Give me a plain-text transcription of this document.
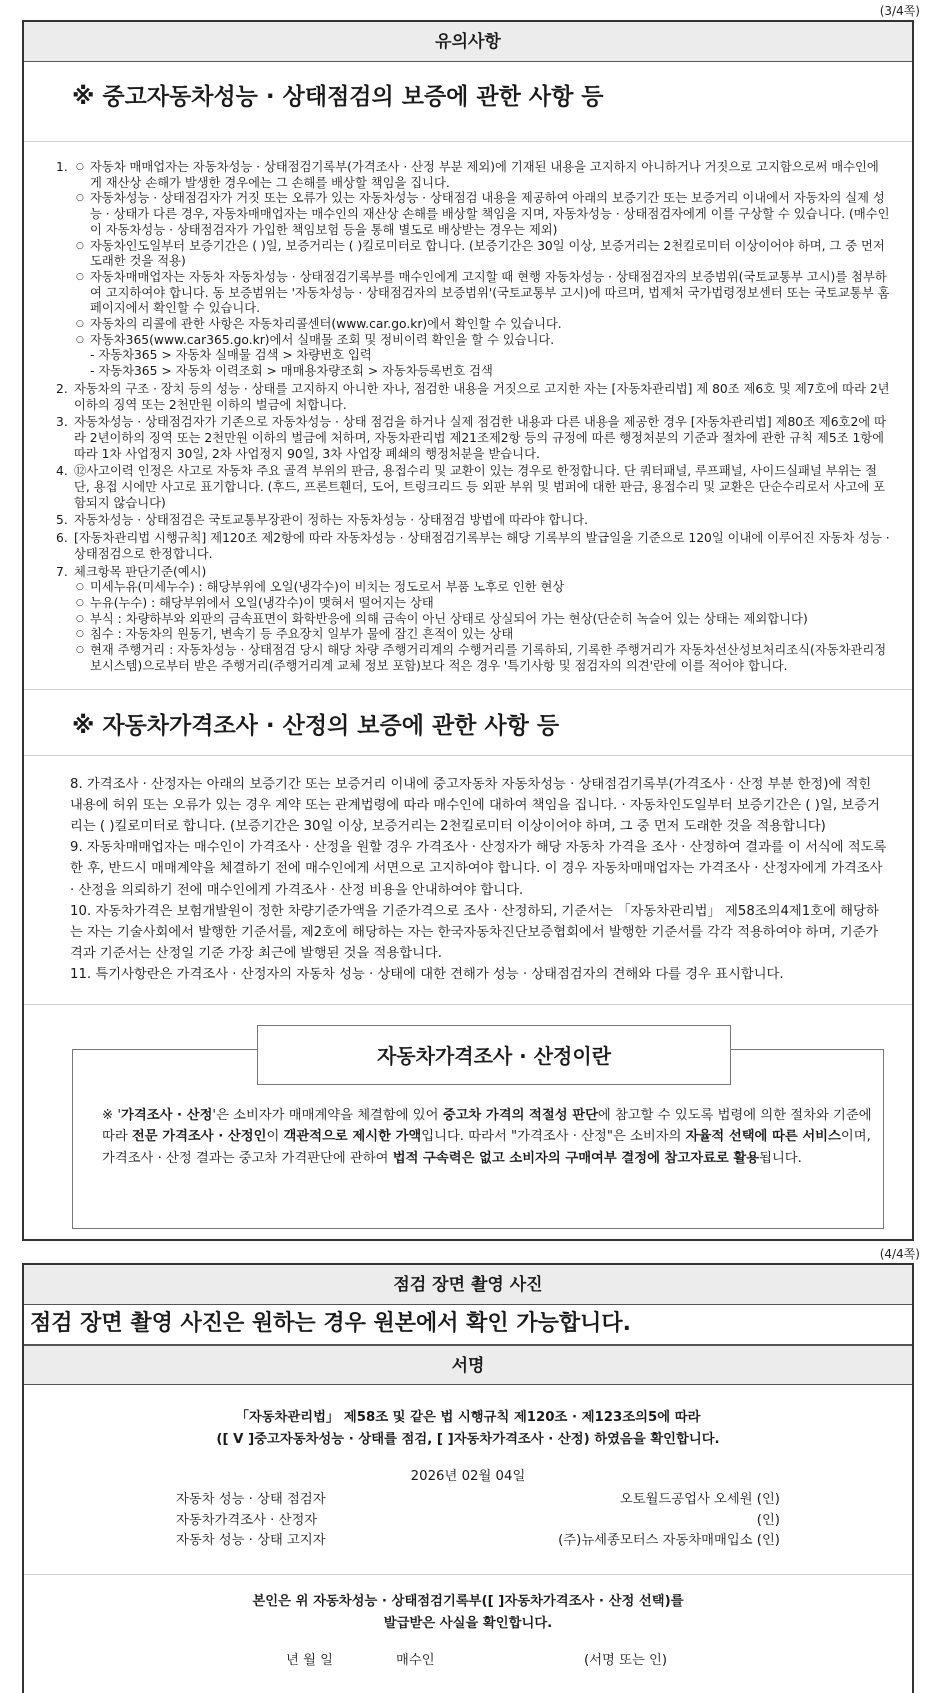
(3/4쪽)
유의사항
※ 중고자동차성능 · 상태점검의 보증에 관한 사항 등
1.
○	자동차 매매업자는 자동차성능 · 상태점검기록부(가격조사 · 산정 부분 제외)에 기재된 내용을 고지하지 아니하거나 거짓으로 고지함으로써 매수인에게 재산상 손해가 발생한 경우에는 그 손해를 배상할 책임을 집니다.
○ 자동차성능 · 상태점검자가 거짓 또는 오류가 있는 자동차성능 · 상태점검 내용을 제공하여 아래의 보증기간 또는 보증거리 이내에서 자동차의 실제 성능 · 상태가 다른 경우, 자동차매매업자는 매수인의 재산상 손해를 배상할 책임을 지며, 자동차성능 · 상태점검자에게 이를 구상할 수 있습니다. (매수인이 자동차성능 · 상태점검자가 가입한 책임보험 등을 통해 별도로 배상받는 경우는 제외)
○ 자동차인도일부터 보증기간은 ( )일, 보증거리는 ( )킬로미터로 합니다. (보증기간은 30일 이상, 보증거리는 2천킬로미터 이상이어야 하며, 그 중 먼저 도래한 것을 적용)
○ 자동차매매업자는 자동차 자동차성능 · 상태점검기록부를 매수인에게 고지할 때 현행 자동차성능 · 상태점검자의 보증범위(국토교통부 고시)를 첨부하여 고지하여야 합니다. 동 보증범위는 '자동차성능 · 상태점검자의 보증범위'(국토교통부 고시)에 따르며, 법제처 국가법령정보센터 또는 국토교통부 홈페이지에서 확인할 수 있습니다.
○ 자동차의 리콜에 관한 사항은 자동차리콜센터(www.car.go.kr)에서 확인할 수 있습니다.
○ 자동차365(www.car365.go.kr)에서 실매물 조회 및 정비이력 확인을 할 수 있습니다.
- 자동차365 > 자동차 실매물 검색 > 차량번호 입력
- 자동차365 > 자동차 이력조회 > 매매용차량조회 > 자동차등록번호 검색
2. 자동차의 구조 · 장치 등의 성능 · 상태를 고지하지 아니한 자나, 점검한 내용을 거짓으로 고지한 자는 [자동차관리법] 제 80조 제6호 및 제7호에 따라 2년 이하의 징역 또는 2천만원 이하의 벌금에 처합니다.
3. 자동차성능 · 상태점검자가 기존으로 자동차성능 · 상태 점검을 하거나 실제 점검한 내용과 다른 내용을 제공한 경우 [자동차관리법] 제80조 제6호2에 따라 2년이하의 징역 또는 2천만원 이하의 벌금에 처하며, 자동차관리법 제21조제2항 등의 규정에 따른 행정처분의 기준과 절차에 관한 규칙 제5조 1항에 따라 1차 사업정지 30일, 2차 사업정지 90일, 3차 사업장 폐쇄의 행정처분을 받습니다.
4. ⑫사고이력 인정은 사고로 자동차 주요 골격 부위의 판금, 용접수리 및 교환이 있는 경우로 한정합니다. 단 쿼터패널, 루프패널, 사이드실패널 부위는 절단, 용접 시에만 사고로 표기합니다. (후드, 프론트휀더, 도어, 트렁크리드 등 외판 부위 및 범퍼에 대한 판금, 용접수리 및 교환은 단순수리로서 사고에 포함되지 않습니다)
5. 자동차성능 · 상태점검은 국토교통부장관이 정하는 자동차성능 · 상태점검 방법에 따라야 합니다.
6. [자동차관리법 시행규칙] 제120조 제2항에 따라 자동차성능 · 상태점검기록부는 해당 기록부의 발급일을 기준으로 120일 이내에 이루어진 자동차 성능 · 상태점검으로 한정합니다.
7. 체크항목 판단기준(예시)
○ 미세누유(미세누수) : 해당부위에 오일(냉각수)이 비치는 정도로서 부품 노후로 인한 현상
○ 누유(누수) : 해당부위에서 오일(냉각수)이 맺혀서 떨어지는 상태
○ 부식 : 차량하부와 외판의 금속표면이 화학반응에 의해 금속이 아닌 상태로 상실되어 가는 현상(단순히 녹슬어 있는 상태는 제외합니다)
○ 침수 : 자동차의 원동기, 변속기 등 주요장치 일부가 물에 잠긴 흔적이 있는 상태
○ 현재 주행거리 : 자동차성능 · 상태점검 당시 해당 차량 주행거리계의 수행거리를 기록하되, 기록한 주행거리가 자동차선산성보처리조식(자동차관리정보시스템)으로부터 받은 주행거리(주행거리계 교체 정보 포함)보다 적은 경우 '특기사항 및 점검자의 의견'란에 이를 적어야 합니다.
※ 자동차가격조사 · 산정의 보증에 관한 사항 등

8. 가격조사 · 산정자는 아래의 보증기간 또는 보증거리 이내에 중고자동차 자동차성능 · 상태점검기록부(가격조사 · 산정 부분 한정)에 적힌 내용에 허위 또는 오류가 있는 경우 계약 또는 관계법령에 따라 매수인에 대하여 책임을 집니다. · 자동차인도일부터 보증기간은 ( )일, 보증거리는 ( )킬로미터로 합니다. (보증기간은 30일 이상, 보증거리는 2천킬로미터 이상이어야 하며, 그 중 먼저 도래한 것을 적용합니다)

9. 자동차매매업자는 매수인이 가격조사 · 산정을 원할 경우 가격조사 · 산정자가 해당 자동차 가격을 조사 · 산정하여 결과를 이 서식에 적도록 한 후, 반드시 매매계약을 체결하기 전에 매수인에게 서면으로 고지하여야 합니다. 이 경우 자동차매매업자는 가격조사 · 산정자에게 가격조사 · 산정을 의뢰하기 전에 매수인에게 가격조사 · 산정 비용을 안내하여야 합니다.

10. 자동차가격은 보험개발원이 정한 차량기준가액을 기준가격으로 조사 · 산정하되, 기준서는 「자동차관리법」 제58조의4제1호에 해당하는 자는 기술사회에서 발행한 기준서를, 제2호에 해당하는 자는 한국자동차진단보증협회에서 발행한 기준서를 각각 적용하여야 하며, 기준가격과 기준서는 산정일 기준 가장 최근에 발행된 것을 적용합니다.

11. 특기사항란은 가격조사 · 산정자의 자동차 성능 · 상태에 대한 견해가 성능 · 상태점검자의 견해와 다를 경우 표시합니다.

자동차가격조사 · 산정이란
※ '가격조사 · 산정'은 소비자가 매매계약을 체결함에 있어 중고차 가격의 적절성 판단에 참고할 수 있도록 법령에 의한 절차와 기준에 따라 전문 가격조사 · 산정인이 객관적으로 제시한 가액입니다. 따라서 "가격조사 · 산정"은 소비자의 자율적 선택에 따른 서비스이며, 가격조사 · 산정 결과는 중고차 가격판단에 관하여 법적 구속력은 없고 소비자의 구매여부 결정에 참고자료로 활용됩니다.
(4/4쪽)
점검 장면 촬영 사진
점검 장면 촬영 사진은 원하는 경우 원본에서 확인 가능합니다.
서명
「자동차관리법」 제58조 및 같은 법 시행규칙 제120조 · 제123조의5에 따라
([ V ]중고자동차성능 · 상태를 점검, [ ]자동차가격조사 · 산정) 하였음을 확인합니다.
2026년 02월 04일
자동차 성능 · 상태 점검자	오토월드공업사 오세원 (인)
자동차가격조사 · 산정자	(인)
자동차 성능 · 상태 고지자	(주)뉴세종모터스 자동차매매입소 (인)
본인은 위 자동차성능 · 상태점검기록부([ ]자동차가격조사 · 산정 선택)를
발급받은 사실을 확인합니다.
년 월 일	매수인	(서명 또는 인)
